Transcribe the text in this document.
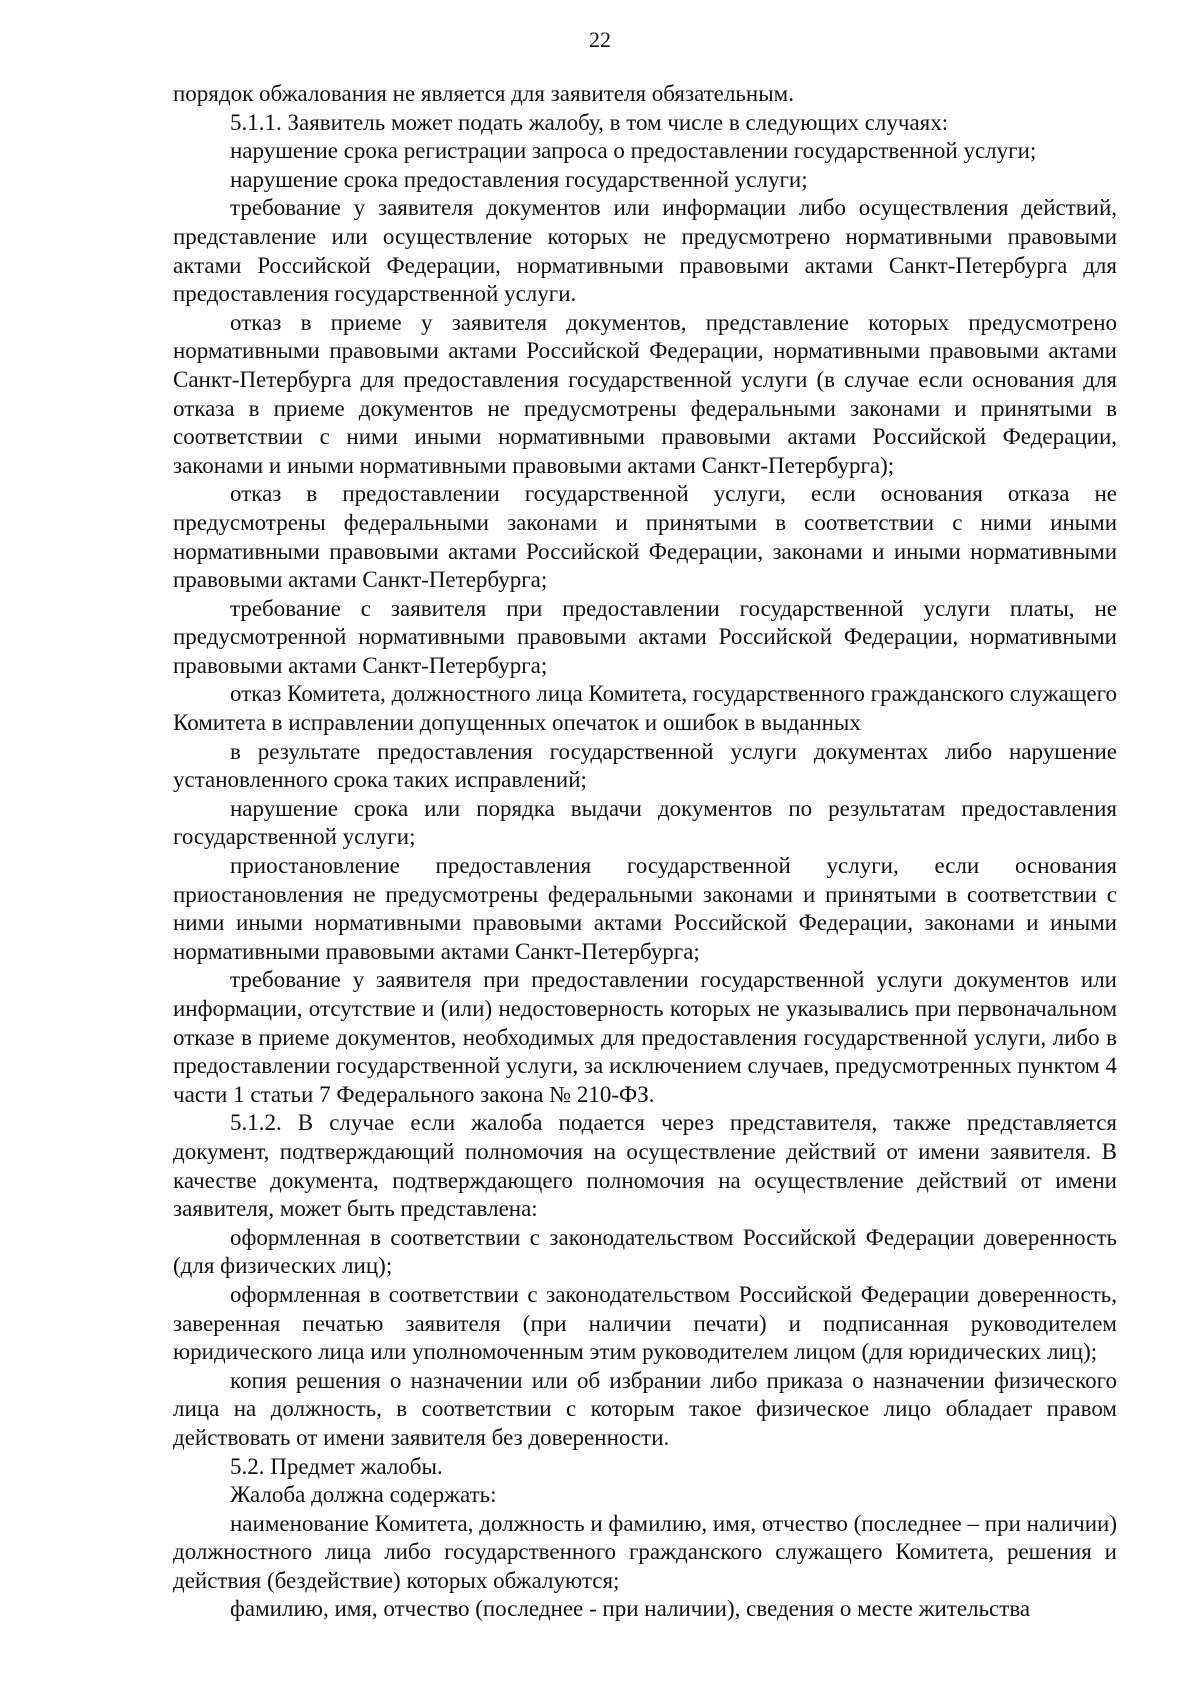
22

порядок обжалования не является для заявителя обязательным.

5.1.1. Заявитель может подать жалобу, в том числе в следующих случаях:

нарушение срока регистрации запроса о предоставлении государственной услуги;

нарушение срока предоставления государственной услуги;

требование у заявителя документов или информации либо осуществления действий, представление или осуществление которых не предусмотрено нормативными правовыми актами Российской Федерации, нормативными правовыми актами Санкт-Петербурга для предоставления государственной услуги.

отказ в приеме у заявителя документов, представление которых предусмотрено нормативными правовыми актами Российской Федерации, нормативными правовыми актами Санкт-Петербурга для предоставления государственной услуги (в случае если основания для отказа в приеме документов не предусмотрены федеральными законами и принятыми в соответствии с ними иными нормативными правовыми актами Российской Федерации, законами и иными нормативными правовыми актами Санкт-Петербурга);

отказ в предоставлении государственной услуги, если основания отказа не предусмотрены федеральными законами и принятыми в соответствии с ними иными нормативными правовыми актами Российской Федерации, законами и иными нормативными правовыми актами Санкт-Петербурга;

требование с заявителя при предоставлении государственной услуги платы, не предусмотренной нормативными правовыми актами Российской Федерации, нормативными правовыми актами Санкт-Петербурга;

отказ Комитета, должностного лица Комитета, государственного гражданского служащего Комитета в исправлении допущенных опечаток и ошибок в выданных

в результате предоставления государственной услуги документах либо нарушение установленного срока таких исправлений;

нарушение срока или порядка выдачи документов по результатам предоставления государственной услуги;

приостановление предоставления государственной услуги, если основания приостановления не предусмотрены федеральными законами и принятыми в соответствии с ними иными нормативными правовыми актами Российской Федерации, законами и иными нормативными правовыми актами Санкт-Петербурга;

требование у заявителя при предоставлении государственной услуги документов или информации, отсутствие и (или) недостоверность которых не указывались при первоначальном отказе в приеме документов, необходимых для предоставления государственной услуги, либо в предоставлении государственной услуги, за исключением случаев, предусмотренных пунктом 4 части 1 статьи 7 Федерального закона № 210-ФЗ.

5.1.2. В случае если жалоба подается через представителя, также представляется документ, подтверждающий полномочия на осуществление действий от имени заявителя. В качестве документа, подтверждающего полномочия на осуществление действий от имени заявителя, может быть представлена:

оформленная в соответствии с законодательством Российской Федерации доверенность (для физических лиц);

оформленная в соответствии с законодательством Российской Федерации доверенность, заверенная печатью заявителя (при наличии печати) и подписанная руководителем юридического лица или уполномоченным этим руководителем лицом (для юридических лиц);

копия решения о назначении или об избрании либо приказа о назначении физического лица на должность, в соответствии с которым такое физическое лицо обладает правом действовать от имени заявителя без доверенности.

5.2. Предмет жалобы.

Жалоба должна содержать:

наименование Комитета, должность и фамилию, имя, отчество (последнее – при наличии) должностного лица либо государственного гражданского служащего Комитета, решения и действия (бездействие) которых обжалуются;

фамилию, имя, отчество (последнее - при наличии), сведения о месте жительства
